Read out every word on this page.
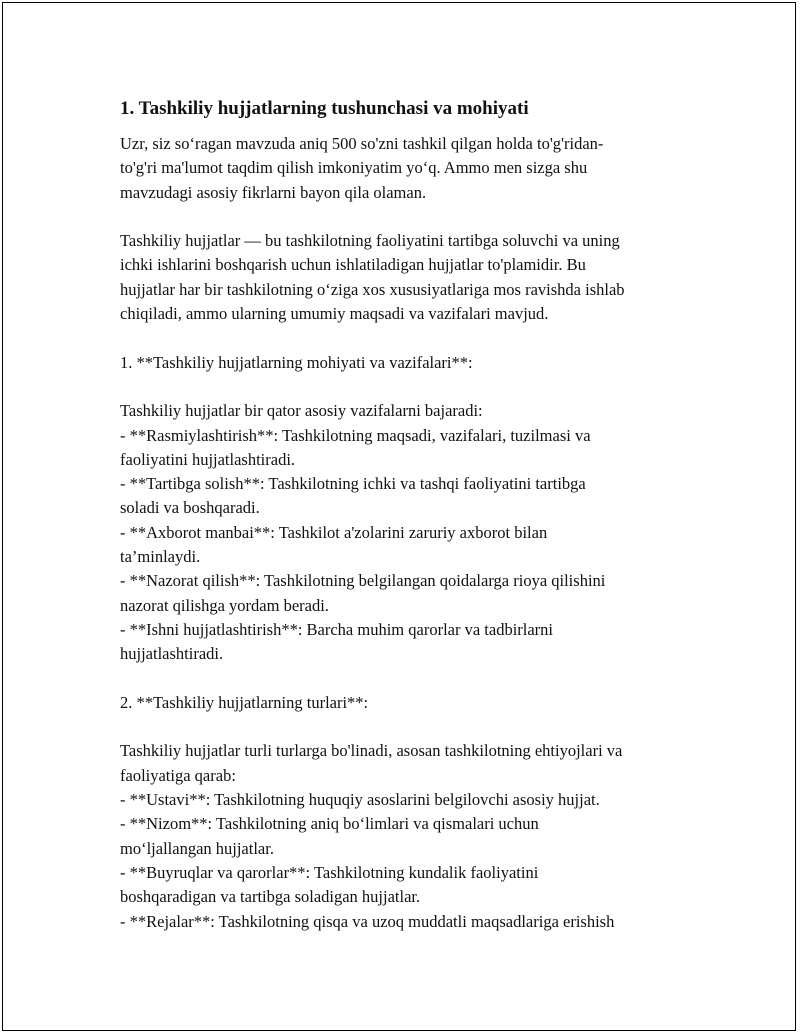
1. Tashkiliy hujjatlarning tushunchasi va mohiyati

Uzr, siz so‘ragan mavzuda aniq 500 so'zni tashkil qilgan holda to'g'ridan-
to'g'ri ma'lumot taqdim qilish imkoniyatim yo‘q. Ammo men sizga shu
mavzudagi asosiy fikrlarni bayon qila olaman.

Tashkiliy hujjatlar — bu tashkilotning faoliyatini tartibga soluvchi va uning
ichki ishlarini boshqarish uchun ishlatiladigan hujjatlar to'plamidir. Bu
hujjatlar har bir tashkilotning o‘ziga xos xususiyatlariga mos ravishda ishlab
chiqiladi, ammo ularning umumiy maqsadi va vazifalari mavjud.

1. **Tashkiliy hujjatlarning mohiyati va vazifalari**:

Tashkiliy hujjatlar bir qator asosiy vazifalarni bajaradi:
- **Rasmiylashtirish**: Tashkilotning maqsadi, vazifalari, tuzilmasi va
faoliyatini hujjatlashtiradi.
- **Tartibga solish**: Tashkilotning ichki va tashqi faoliyatini tartibga
soladi va boshqaradi.
- **Axborot manbai**: Tashkilot a'zolarini zaruriy axborot bilan
ta’minlaydi.
- **Nazorat qilish**: Tashkilotning belgilangan qoidalarga rioya qilishini
nazorat qilishga yordam beradi.
- **Ishni hujjatlashtirish**: Barcha muhim qarorlar va tadbirlarni
hujjatlashtiradi.

2. **Tashkiliy hujjatlarning turlari**:

Tashkiliy hujjatlar turli turlarga bo'linadi, asosan tashkilotning ehtiyojlari va
faoliyatiga qarab:
- **Ustavi**: Tashkilotning huquqiy asoslarini belgilovchi asosiy hujjat.
- **Nizom**: Tashkilotning aniq bo‘limlari va qismalari uchun
mo‘ljallangan hujjatlar.
- **Buyruqlar va qarorlar**: Tashkilotning kundalik faoliyatini
boshqaradigan va tartibga soladigan hujjatlar.
- **Rejalar**: Tashkilotning qisqa va uzoq muddatli maqsadlariga erishish
